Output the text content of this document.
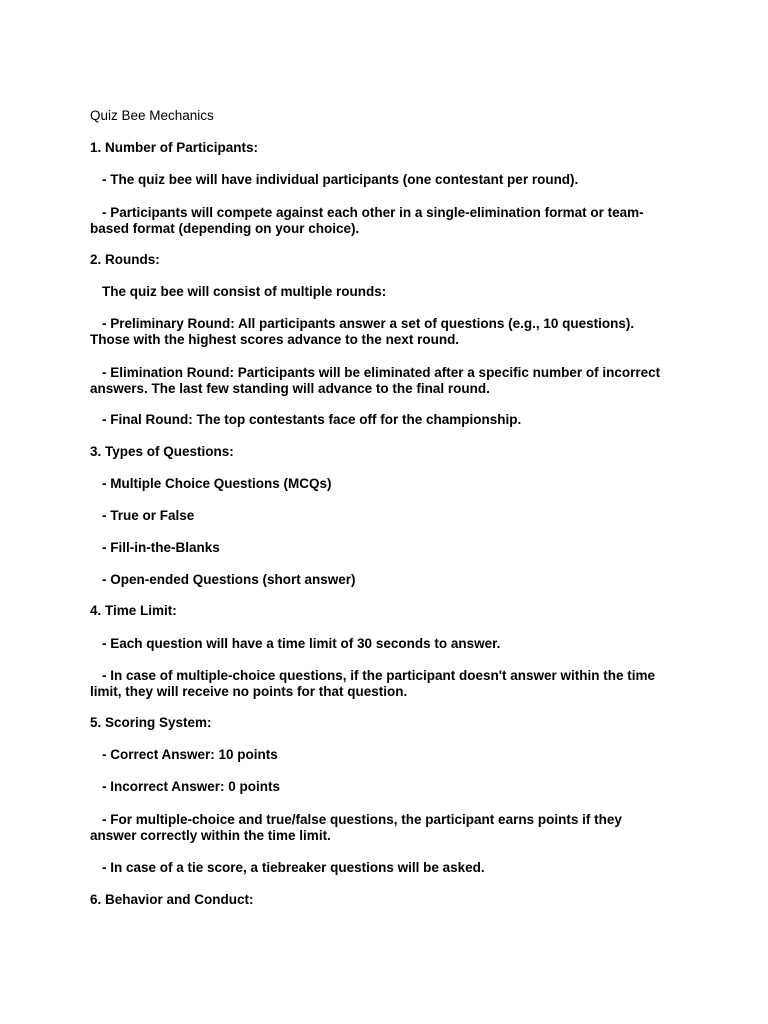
Quiz Bee Mechanics
1. Number of Participants:
- The quiz bee will have individual participants (one contestant per round).
- Participants will compete against each other in a single-elimination format or team-
based format (depending on your choice).
2. Rounds:
The quiz bee will consist of multiple rounds:
- Preliminary Round: All participants answer a set of questions (e.g., 10 questions).
Those with the highest scores advance to the next round.
- Elimination Round: Participants will be eliminated after a specific number of incorrect
answers. The last few standing will advance to the final round.
- Final Round: The top contestants face off for the championship.
3. Types of Questions:
- Multiple Choice Questions (MCQs)
- True or False
- Fill-in-the-Blanks
- Open-ended Questions (short answer)
4. Time Limit:
- Each question will have a time limit of 30 seconds to answer.
- In case of multiple-choice questions, if the participant doesn't answer within the time
limit, they will receive no points for that question.
5. Scoring System:
- Correct Answer: 10 points
- Incorrect Answer: 0 points
- For multiple-choice and true/false questions, the participant earns points if they
answer correctly within the time limit.
- In case of a tie score, a tiebreaker questions will be asked.
6. Behavior and Conduct:
